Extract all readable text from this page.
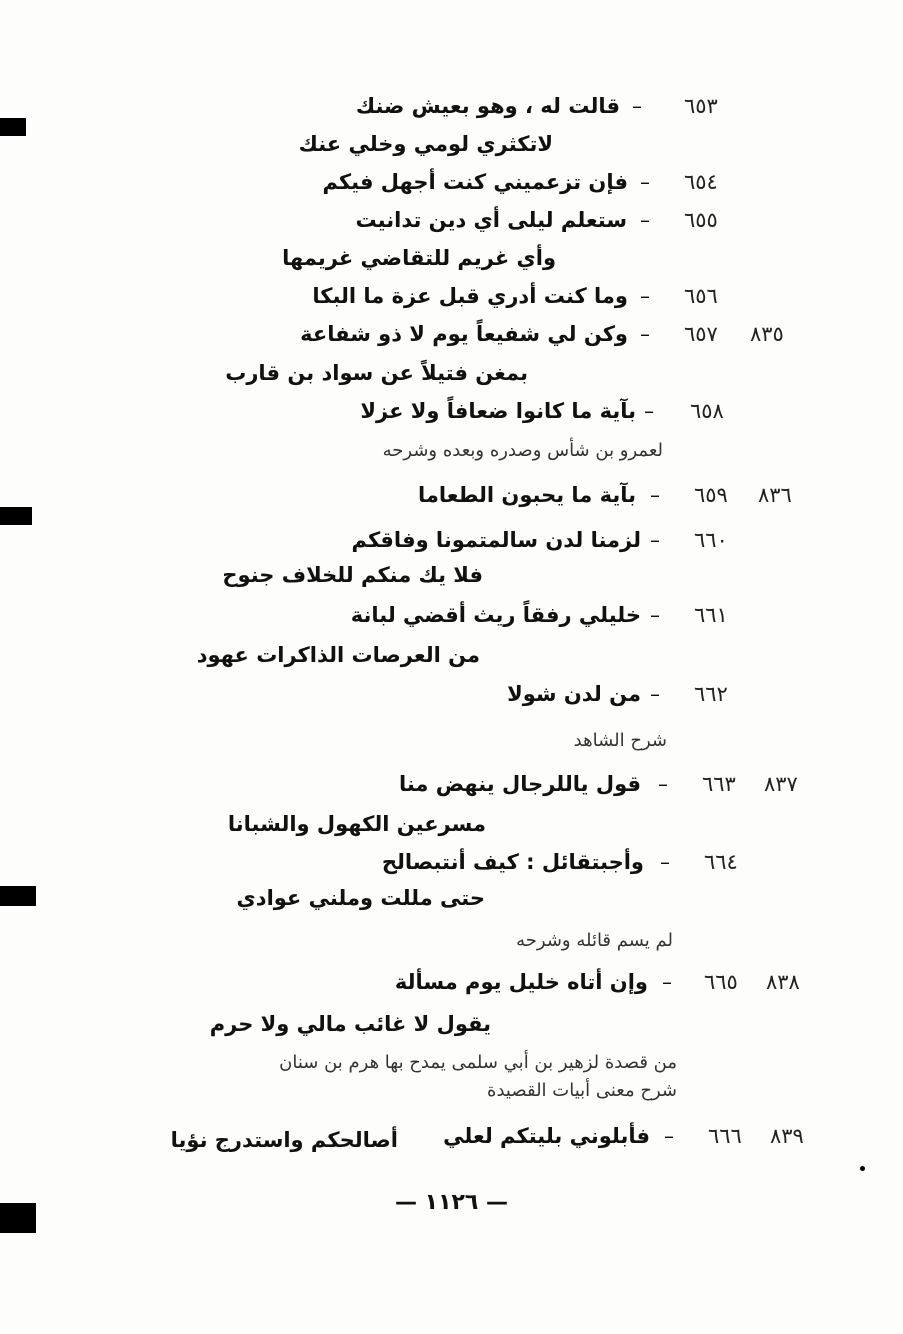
٦٥٣
–
قالت له ، وهو بعيش ضنك
لاتكثري لومي وخلي عنك
٦٥٤
–
فإن تزعميني كنت أجهل فيكم
٦٥٥
–
ستعلم ليلى أي دين تدانيت
وأي غريم للتقاضي غريمها
٦٥٦
–
وما كنت أدري قبل عزة ما البكا
٨٣٥
٦٥٧
–
وكن لي شفيعاً يوم لا ذو شفاعة
بمغن فتيلاً عن سواد بن قارب
٦٥٨
–
بآية ما كانوا ضعافاً ولا عزلا
لعمرو بن شأس وصدره وبعده وشرحه
٨٣٦
٦٥٩
–
بآية ما يحبون الطعاما
٦٦٠
–
لزمنا لدن سالمتمونا وفاقكم
فلا يك منكم للخلاف جنوح
٦٦١
–
خليلي رفقاً ريث أقضي لبانة
من العرصات الذاكرات عهود
٦٦٢
–
من لدن شولا
شرح الشاهد
٨٣٧
٦٦٣
–
قول ياللرجال ينهض منا
مسرعين الكهول والشبانا
٦٦٤
–
وأجبتقائل : كيف أنتبصالح
حتى مللت وملني عوادي
لم يسم قائله وشرحه
٨٣٨
٦٦٥
–
وإن أتاه خليل يوم مسألة
يقول لا غائب مالي ولا حرم
من قصدة لزهير بن أبي سلمى يمدح بها هرم بن سنان
شرح معنى أبيات القصيدة
٨٣٩
٦٦٦
–
فأبلوني بليتكم لعلي
أصالحكم واستدرج نؤيا
— ١١٢٦ —
